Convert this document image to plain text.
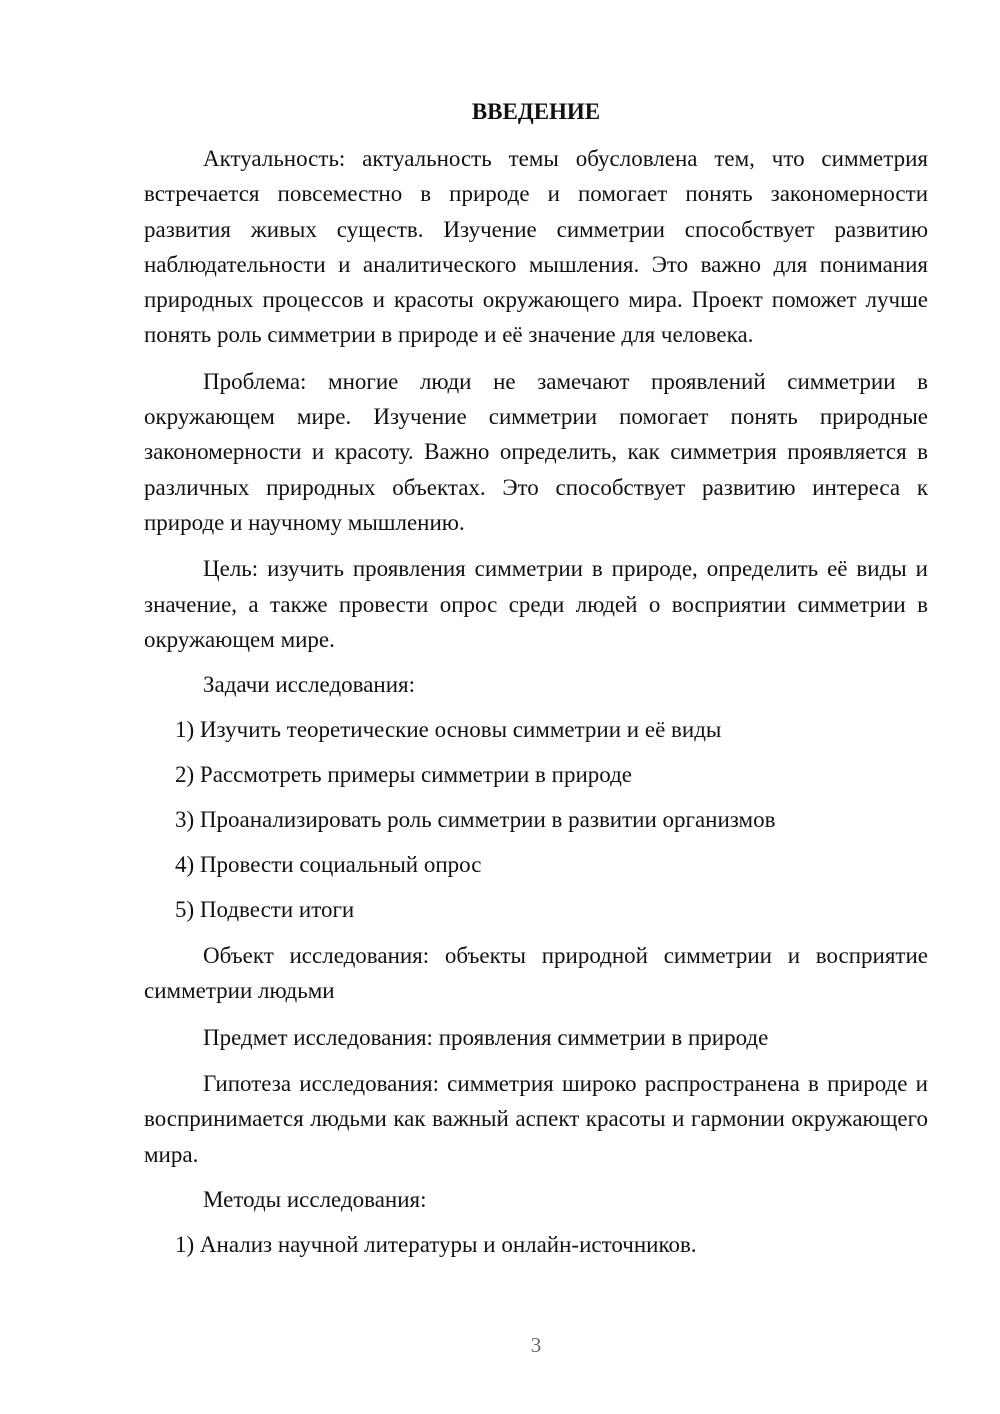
ВВЕДЕНИЕ

Актуальность: актуальность темы обусловлена тем, что симметрия встречается повсеместно в природе и помогает понять закономерности развития живых существ. Изучение симметрии способствует развитию наблюдательности и аналитического мышления. Это важно для понимания природных процессов и красоты окружающего мира. Проект поможет лучше понять роль симметрии в природе и её значение для человека.

Проблема: многие люди не замечают проявлений симметрии в окружающем мире. Изучение симметрии помогает понять природные закономерности и красоту. Важно определить, как симметрия проявляется в различных природных объектах. Это способствует развитию интереса к природе и научному мышлению.

Цель: изучить проявления симметрии в природе, определить её виды и значение, а также провести опрос среди людей о восприятии симметрии в окружающем мире.

Задачи исследования:
1) Изучить теоретические основы симметрии и её виды
2) Рассмотреть примеры симметрии в природе
3) Проанализировать роль симметрии в развитии организмов
4) Провести социальный опрос
5) Подвести итоги

Объект исследования: объекты природной симметрии и восприятие симметрии людьми

Предмет исследования: проявления симметрии в природе

Гипотеза исследования: симметрия широко распространена в природе и воспринимается людьми как важный аспект красоты и гармонии окружающего мира.

Методы исследования:
1) Анализ научной литературы и онлайн-источников.
3
